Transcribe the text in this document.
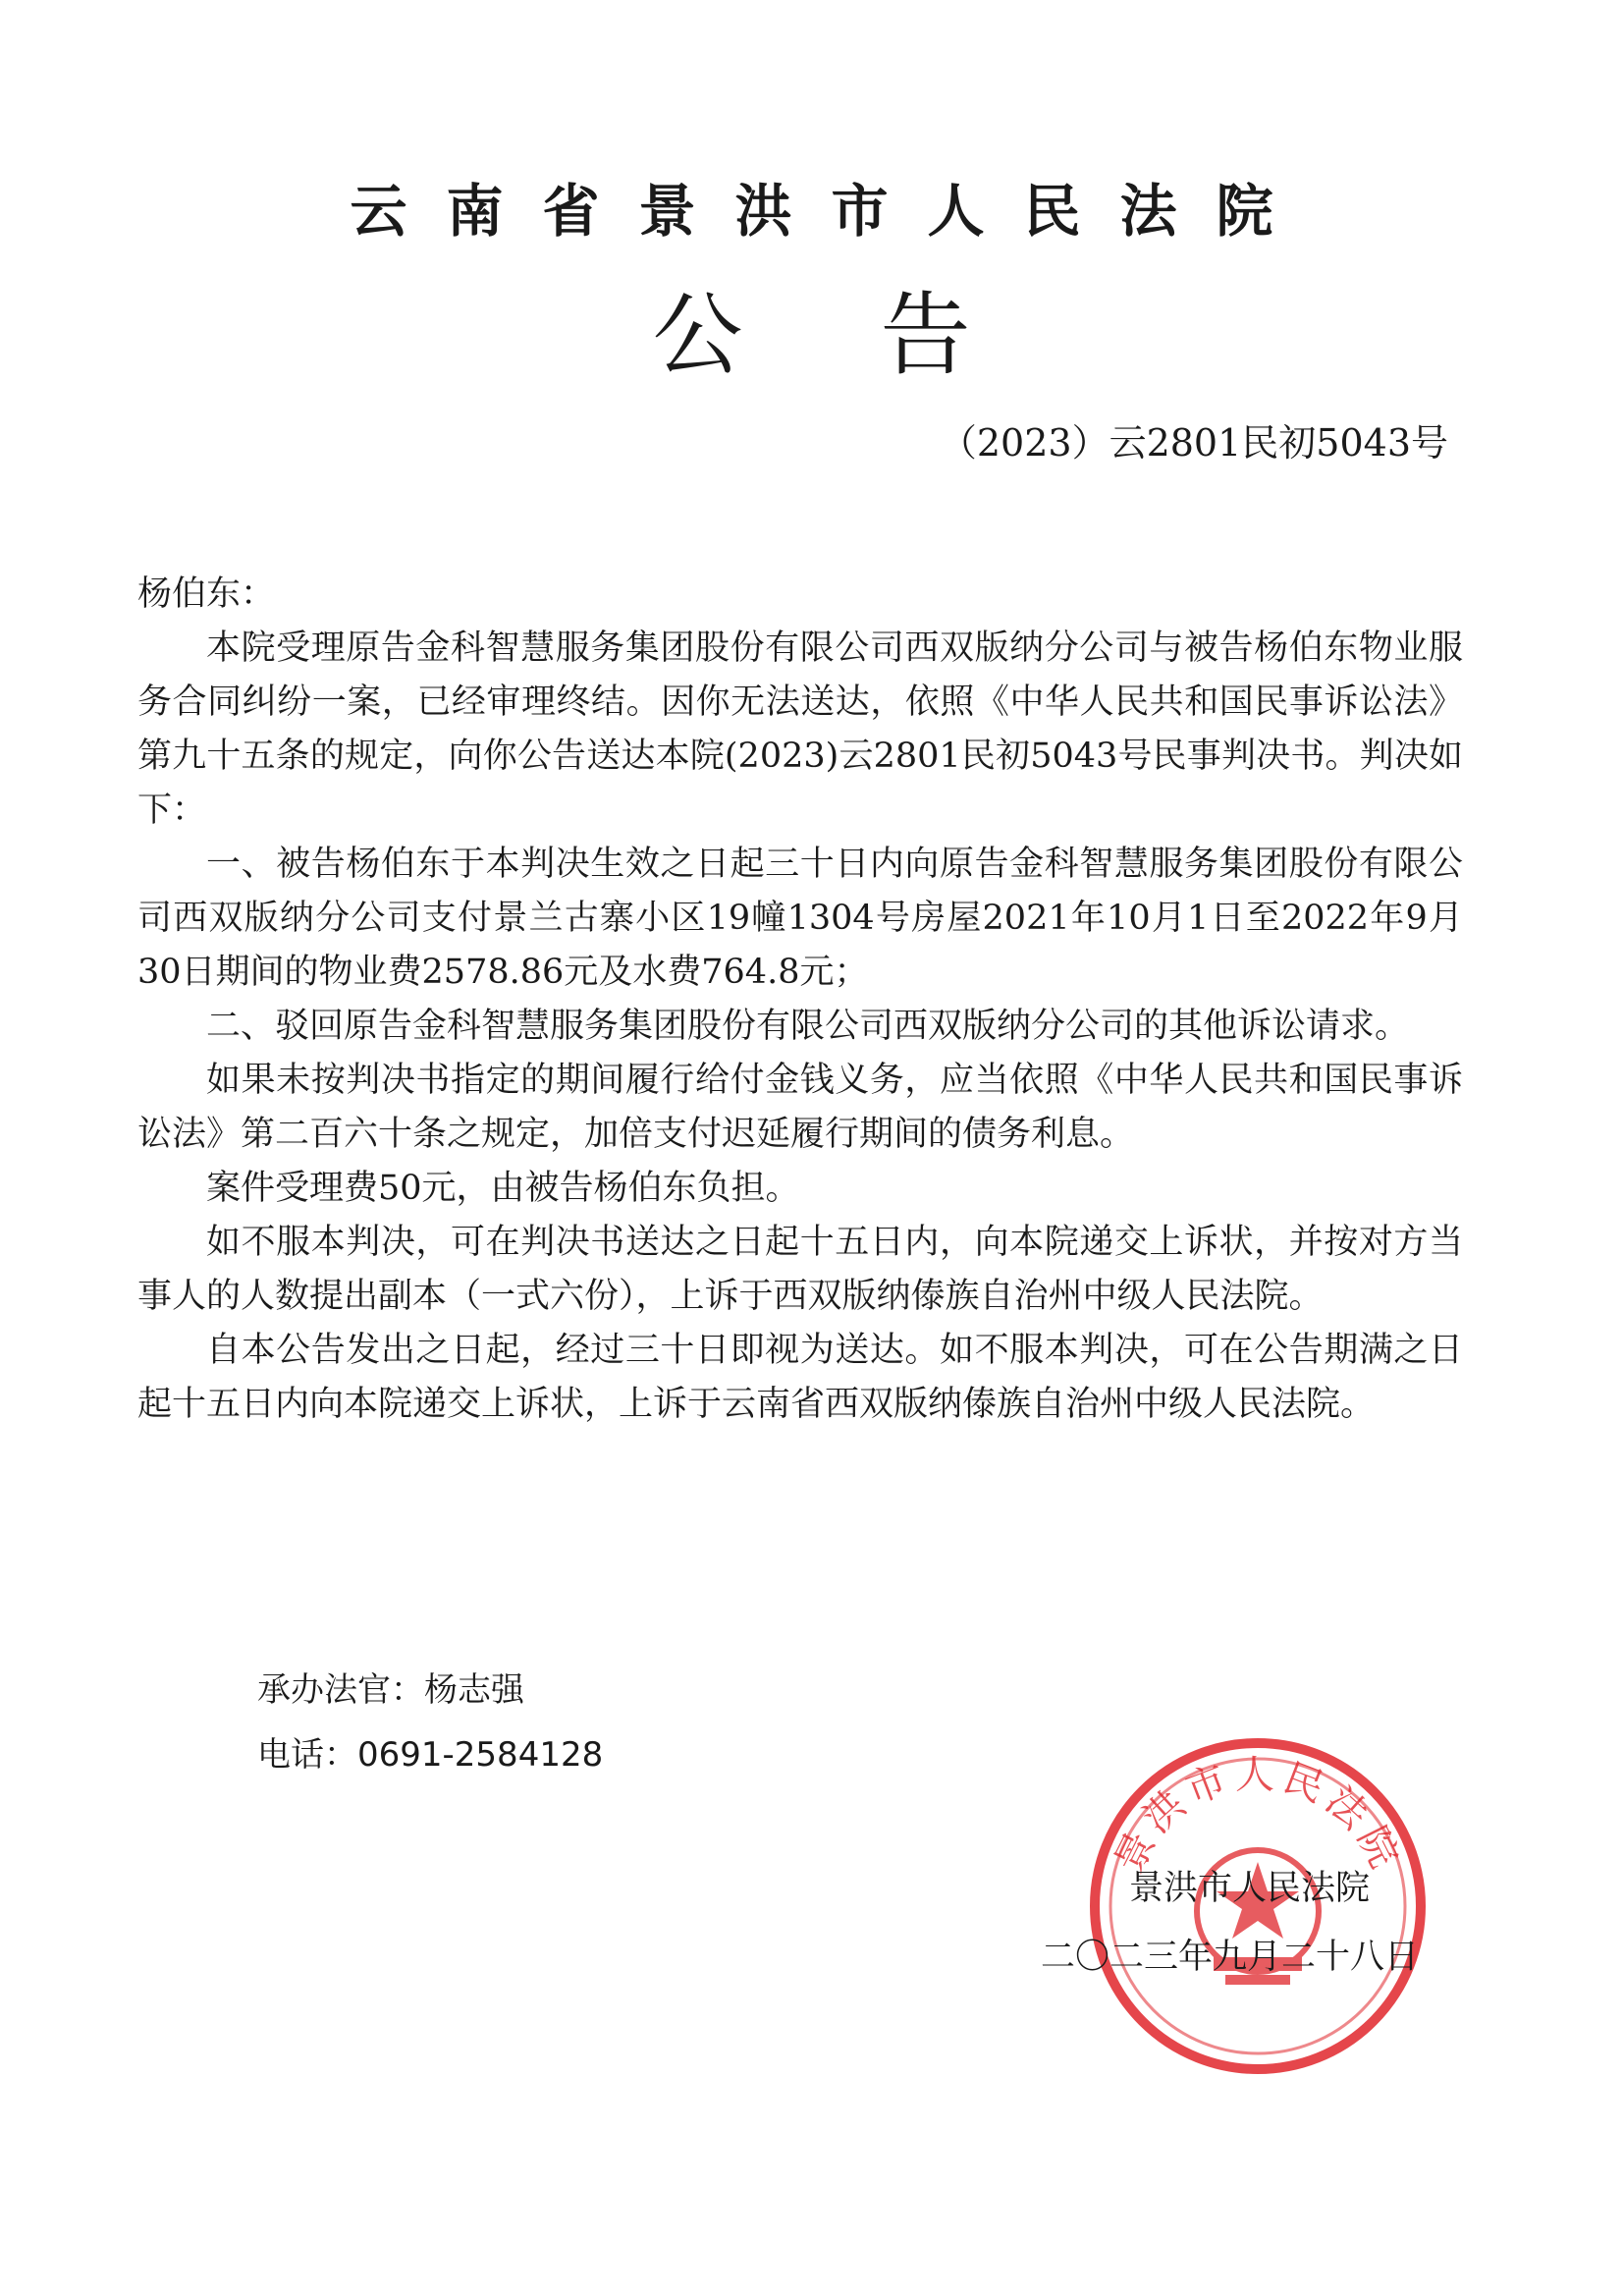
云南省景洪市人民法院
公告
（2023）云2801民初5043号

杨伯东：

本院受理原告金科智慧服务集团股份有限公司西双版纳分公司与被告杨伯东物业服务合同纠纷一案，已经审理终结。因你无法送达，依照《中华人民共和国民事诉讼法》第九十五条的规定，向你公告送达本院(2023)云2801民初5043号民事判决书。判决如下：

一、被告杨伯东于本判决生效之日起三十日内向原告金科智慧服务集团股份有限公司西双版纳分公司支付景兰古寨小区19幢1304号房屋2021年10月1日至2022年9月30日期间的物业费2578.86元及水费764.8元；

二、驳回原告金科智慧服务集团股份有限公司西双版纳分公司的其他诉讼请求。

如果未按判决书指定的期间履行给付金钱义务，应当依照《中华人民共和国民事诉讼法》第二百六十条之规定，加倍支付迟延履行期间的债务利息。

案件受理费50元，由被告杨伯东负担。

如不服本判决，可在判决书送达之日起十五日内，向本院递交上诉状，并按对方当事人的人数提出副本（一式六份），上诉于西双版纳傣族自治州中级人民法院。

自本公告发出之日起，经过三十日即视为送达。如不服本判决，可在公告期满之日起十五日内向本院递交上诉状，上诉于云南省西双版纳傣族自治州中级人民法院。

承办法官：杨志强
电话：0691-2584128
景洪市人民法院
景洪市人民法院
二〇二三年九月二十八日
